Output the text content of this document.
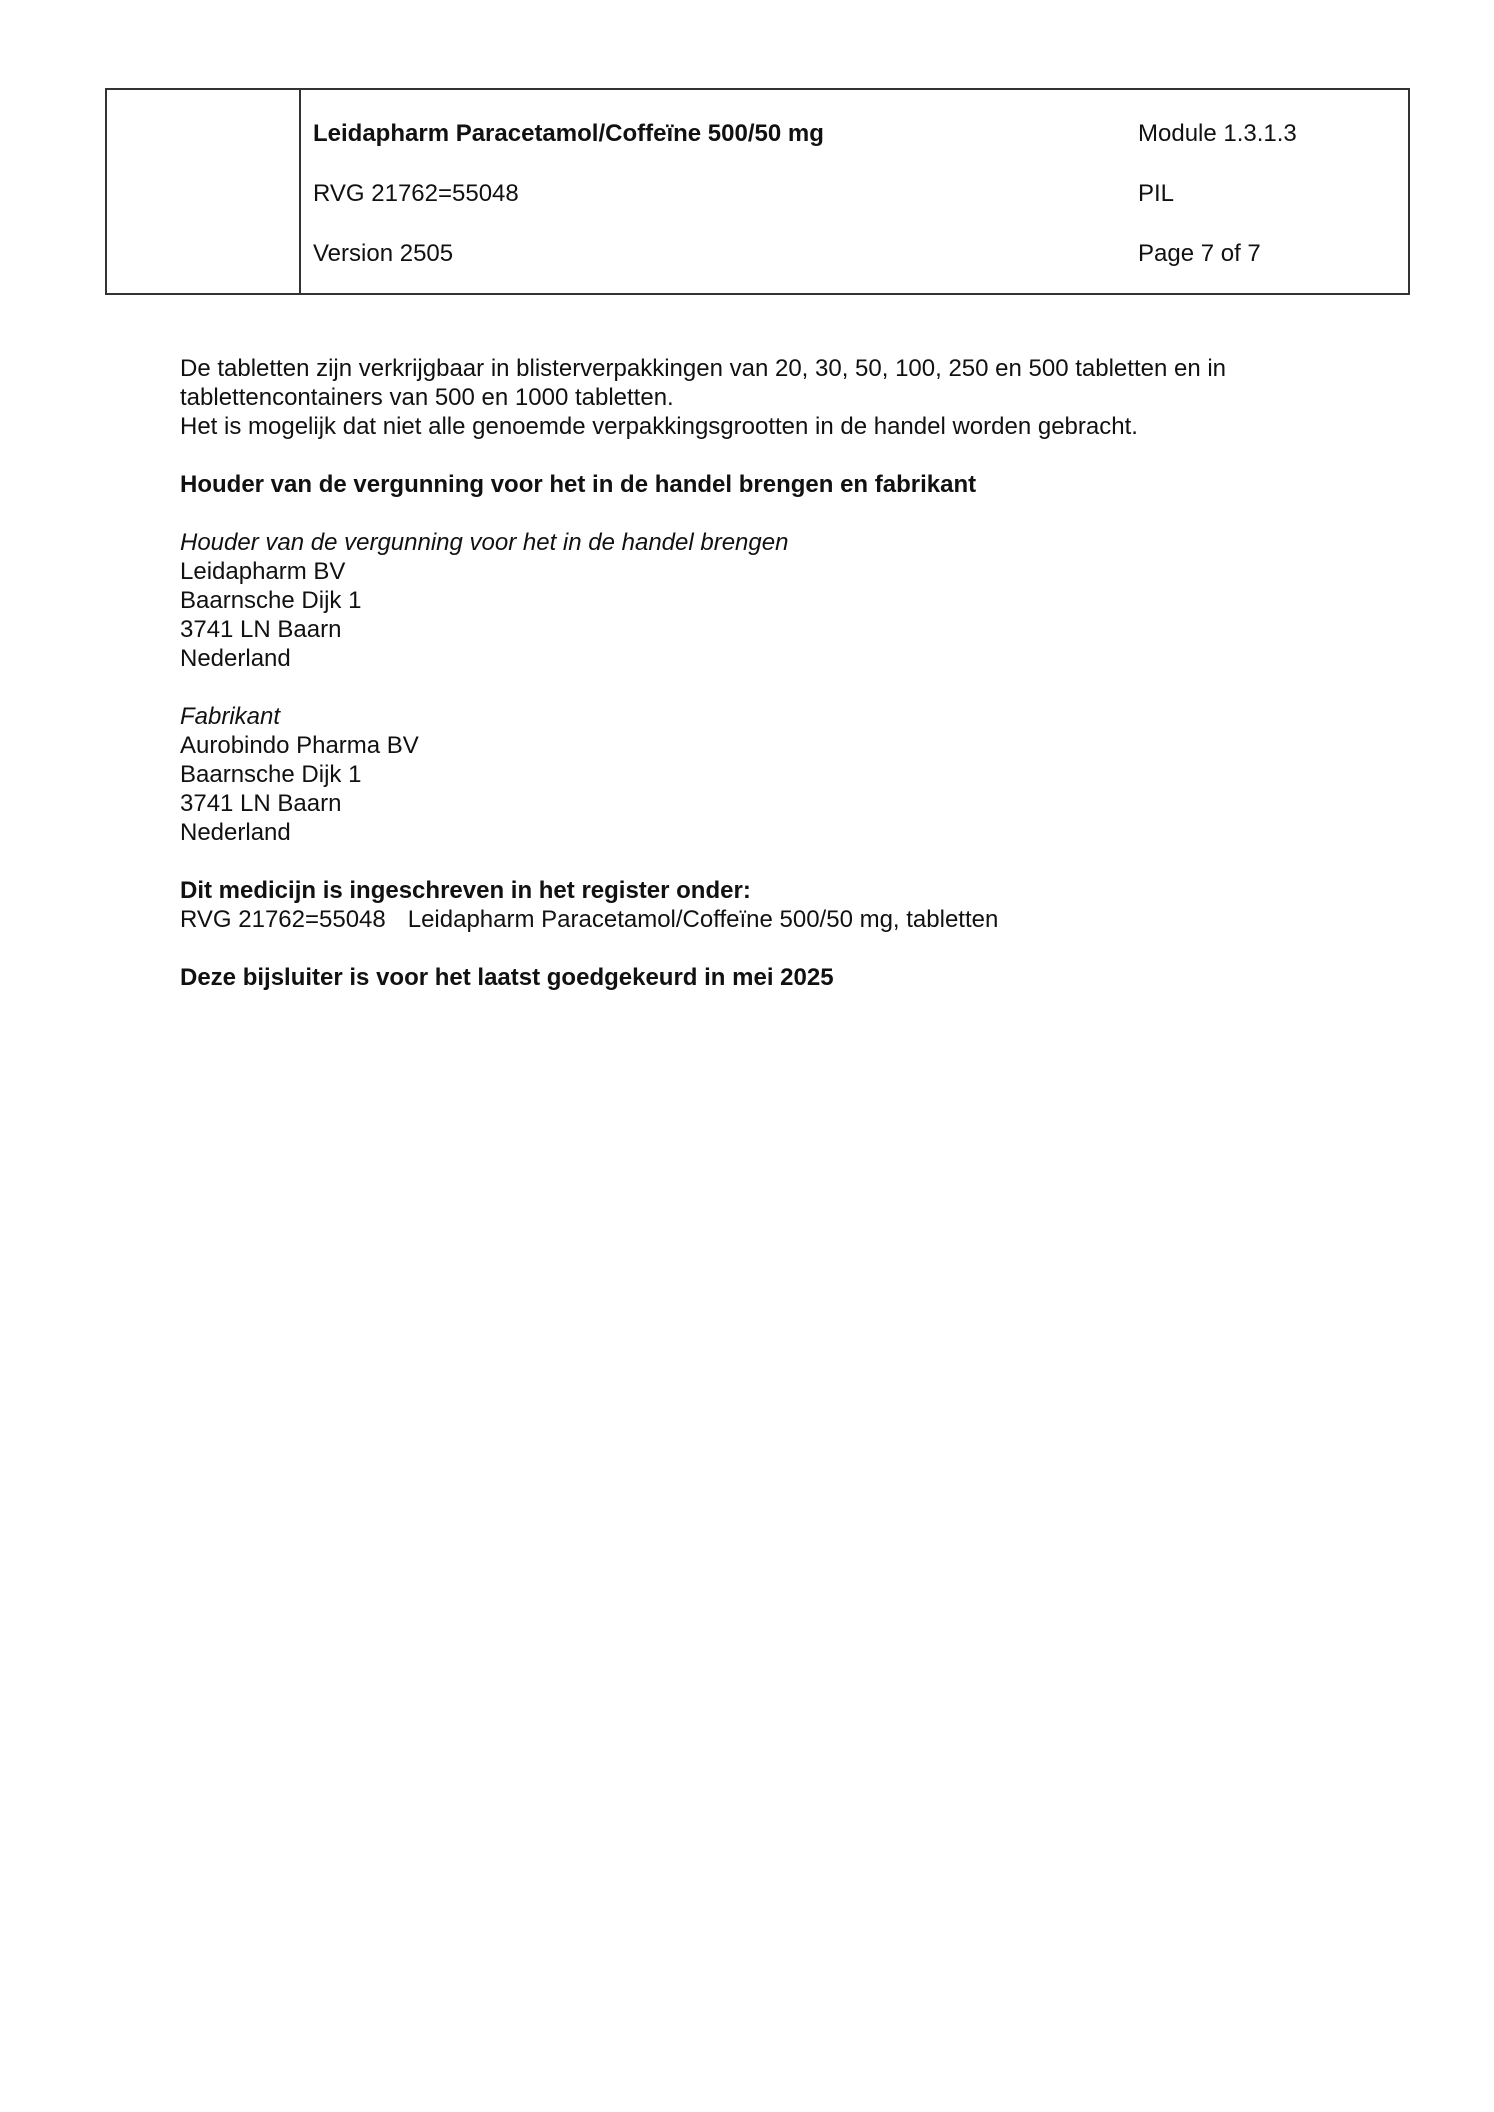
Leidapharm Paracetamol/Coffeïne 500/50 mg
RVG 21762=55048
Version 2505
Module 1.3.1.3
PIL
Page 7 of 7

De tabletten zijn verkrijgbaar in blisterverpakkingen van 20, 30, 50, 100, 250 en 500 tabletten en in

tablettencontainers van 500 en 1000 tabletten.

Het is mogelijk dat niet alle genoemde verpakkingsgrootten in de handel worden gebracht.

Houder van de vergunning voor het in de handel brengen en fabrikant

Houder van de vergunning voor het in de handel brengen

Leidapharm BV

Baarnsche Dijk 1

3741 LN Baarn

Nederland

Fabrikant

Aurobindo Pharma BV

Baarnsche Dijk 1

3741 LN Baarn

Nederland

Dit medicijn is ingeschreven in het register onder:

RVG 21762=55048 Leidapharm Paracetamol/Coffeïne 500/50 mg, tabletten

Deze bijsluiter is voor het laatst goedgekeurd in mei 2025
